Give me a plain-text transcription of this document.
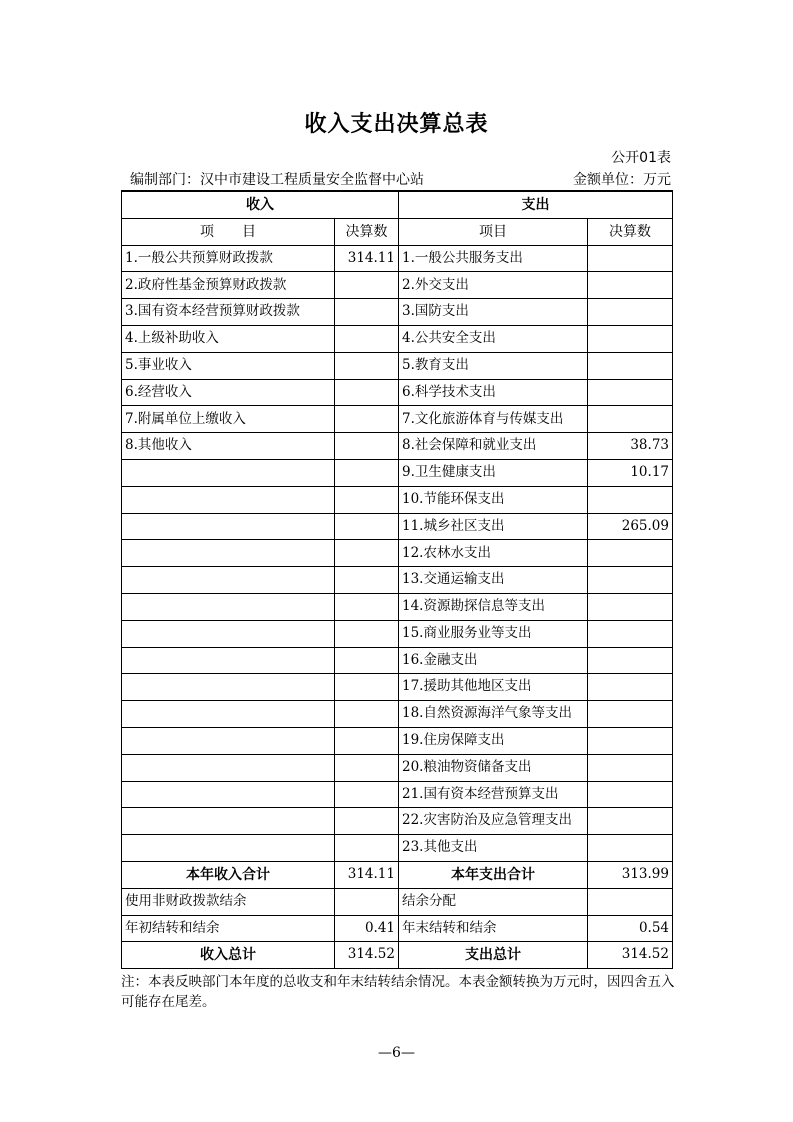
收入支出决算总表
公开01表
编制部门：汉中市建设工程质量安全监督中心站	金额单位：万元
收入		支出	
项　　目	决算数	项目	决算数
1.一般公共预算财政拨款	314.11	1.一般公共服务支出	
2.政府性基金预算财政拨款		2.外交支出	
3.国有资本经营预算财政拨款		3.国防支出	
4.上级补助收入		4.公共安全支出	
5.事业收入		5.教育支出	
6.经营收入		6.科学技术支出	
7.附属单位上缴收入		7.文化旅游体育与传媒支出	
8.其他收入		8.社会保障和就业支出	38.73
		9.卫生健康支出	10.17
		10.节能环保支出	
		11.城乡社区支出	265.09
		12.农林水支出	
		13.交通运输支出	
		14.资源勘探信息等支出	
		15.商业服务业等支出	
		16.金融支出	
		17.援助其他地区支出	
		18.自然资源海洋气象等支出	
		19.住房保障支出	
		20.粮油物资储备支出	
		21.国有资本经营预算支出	
		22.灾害防治及应急管理支出	
		23.其他支出	
本年收入合计	314.11	本年支出合计	313.99
使用非财政拨款结余		结余分配	
年初结转和结余	0.41	年末结转和结余	0.54
收入总计	314.52	支出总计	314.52
注：本表反映部门本年度的总收支和年末结转结余情况。本表金额转换为万元时，因四舍五入可能存在尾差。
—6—
